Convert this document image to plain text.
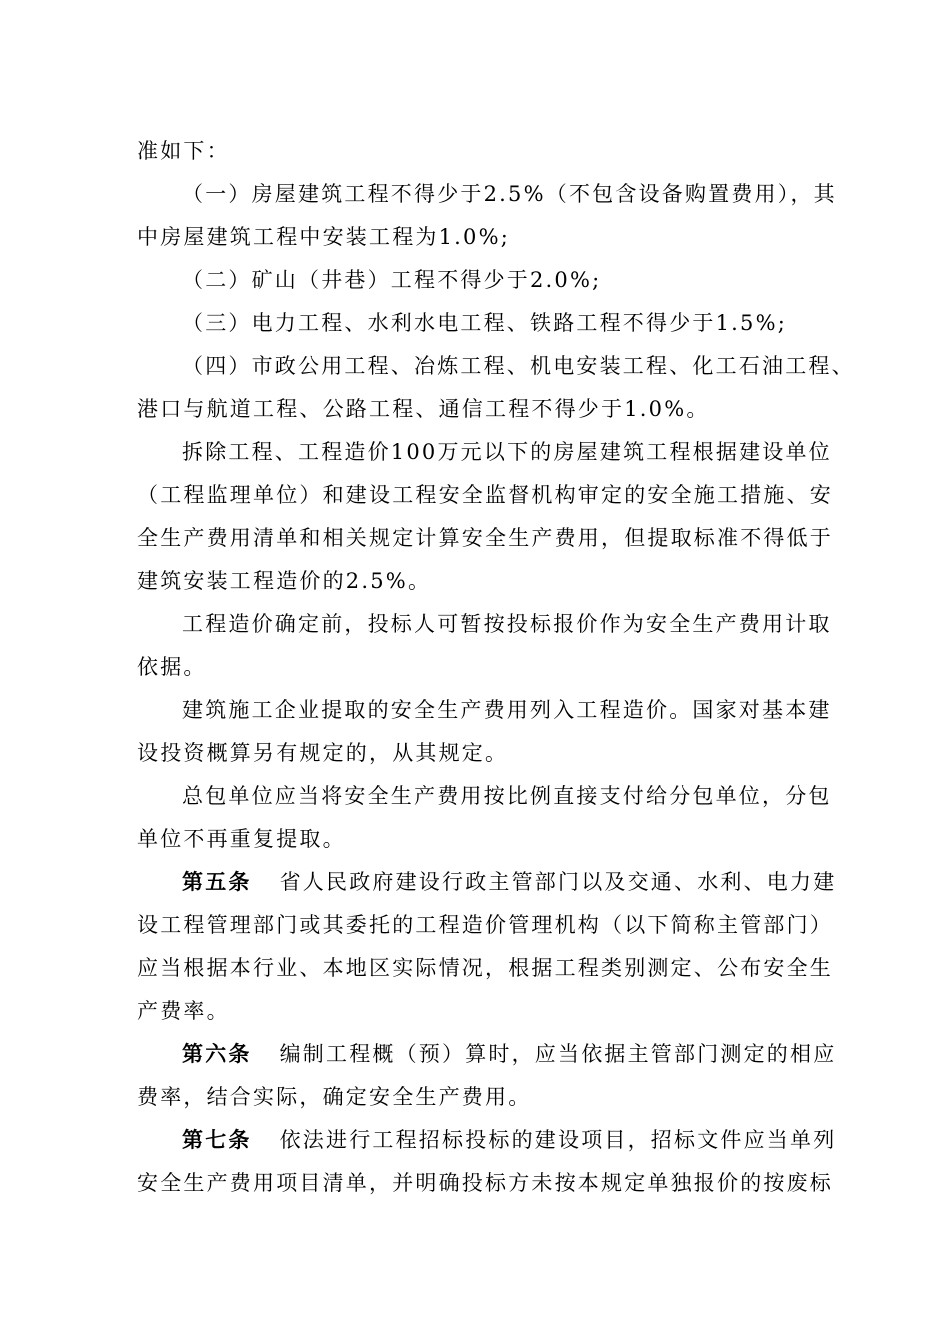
准如下：
（一）房屋建筑工程不得少于2.5%（不包含设备购置费用），其
中房屋建筑工程中安装工程为1.0%;
（二）矿山（井巷）工程不得少于2.0%;
（三）电力工程、水利水电工程、铁路工程不得少于1.5%;
（四）市政公用工程、冶炼工程、机电安装工程、化工石油工程、
港口与航道工程、公路工程、通信工程不得少于1.0%。
拆除工程、工程造价100万元以下的房屋建筑工程根据建设单位
（工程监理单位）和建设工程安全监督机构审定的安全施工措施、安
全生产费用清单和相关规定计算安全生产费用，但提取标准不得低于
建筑安装工程造价的2.5%。
工程造价确定前，投标人可暂按投标报价作为安全生产费用计取
依据。
建筑施工企业提取的安全生产费用列入工程造价。国家对基本建
设投资概算另有规定的，从其规定。
总包单位应当将安全生产费用按比例直接支付给分包单位，分包
单位不再重复提取。
第五条 省人民政府建设行政主管部门以及交通、水利、电力建
设工程管理部门或其委托的工程造价管理机构（以下简称主管部门）
应当根据本行业、本地区实际情况，根据工程类别测定、公布安全生
产费率。
第六条 编制工程概（预）算时，应当依据主管部门测定的相应
费率，结合实际，确定安全生产费用。
第七条 依法进行工程招标投标的建设项目，招标文件应当单列
安全生产费用项目清单，并明确投标方未按本规定单独报价的按废标
